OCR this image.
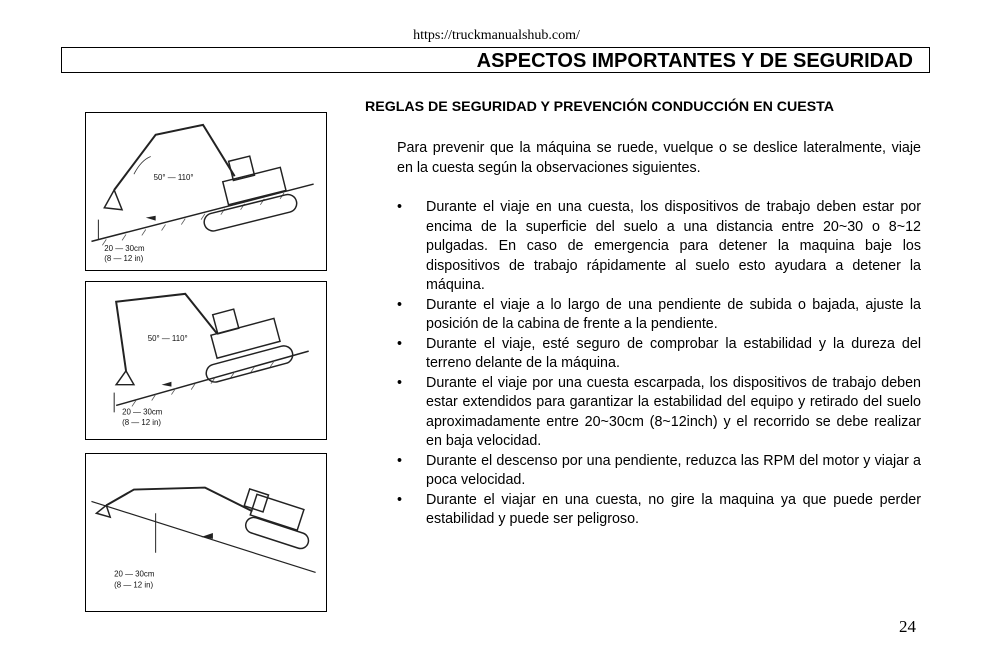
https://truckmanualshub.com/
ASPECTOS IMPORTANTES Y DE SEGURIDAD
REGLAS DE SEGURIDAD Y PREVENCIÓN CONDUCCIÓN EN CUESTA
Para prevenir que la máquina se ruede, vuelque o se deslice lateralmente, viaje en la cuesta según la observaciones siguientes.
• Durante el viaje en una cuesta, los dispositivos de trabajo deben estar por encima de la superficie del suelo a una distancia entre 20~30 o 8~12 pulgadas. En caso de emergencia para detener la maquina baje los dispositivos de trabajo rápidamente al suelo esto ayudara a detener la máquina.
• Durante el viaje a lo largo de una pendiente de subida o bajada, ajuste la posición de la cabina de frente a la pendiente.
• Durante el viaje, esté seguro de comprobar la estabilidad y la dureza del terreno delante de la máquina.
• Durante el viaje por una cuesta escarpada, los dispositivos de trabajo deben estar extendidos para garantizar la estabilidad del equipo y retirado del suelo aproximadamente entre 20~30cm (8~12inch) y el recorrido se debe realizar en baja velocidad.
• Durante el descenso por una pendiente, reduzca las RPM del motor y viajar a poca velocidad.
• Durante el viajar en una cuesta, no gire la maquina ya que puede perder estabilidad y puede ser peligroso.
50° — 110°
20 — 30cm
(8 — 12 in)
50° — 110°
20 — 30cm
(8 — 12 in)
20 — 30cm
(8 — 12 in)
24
